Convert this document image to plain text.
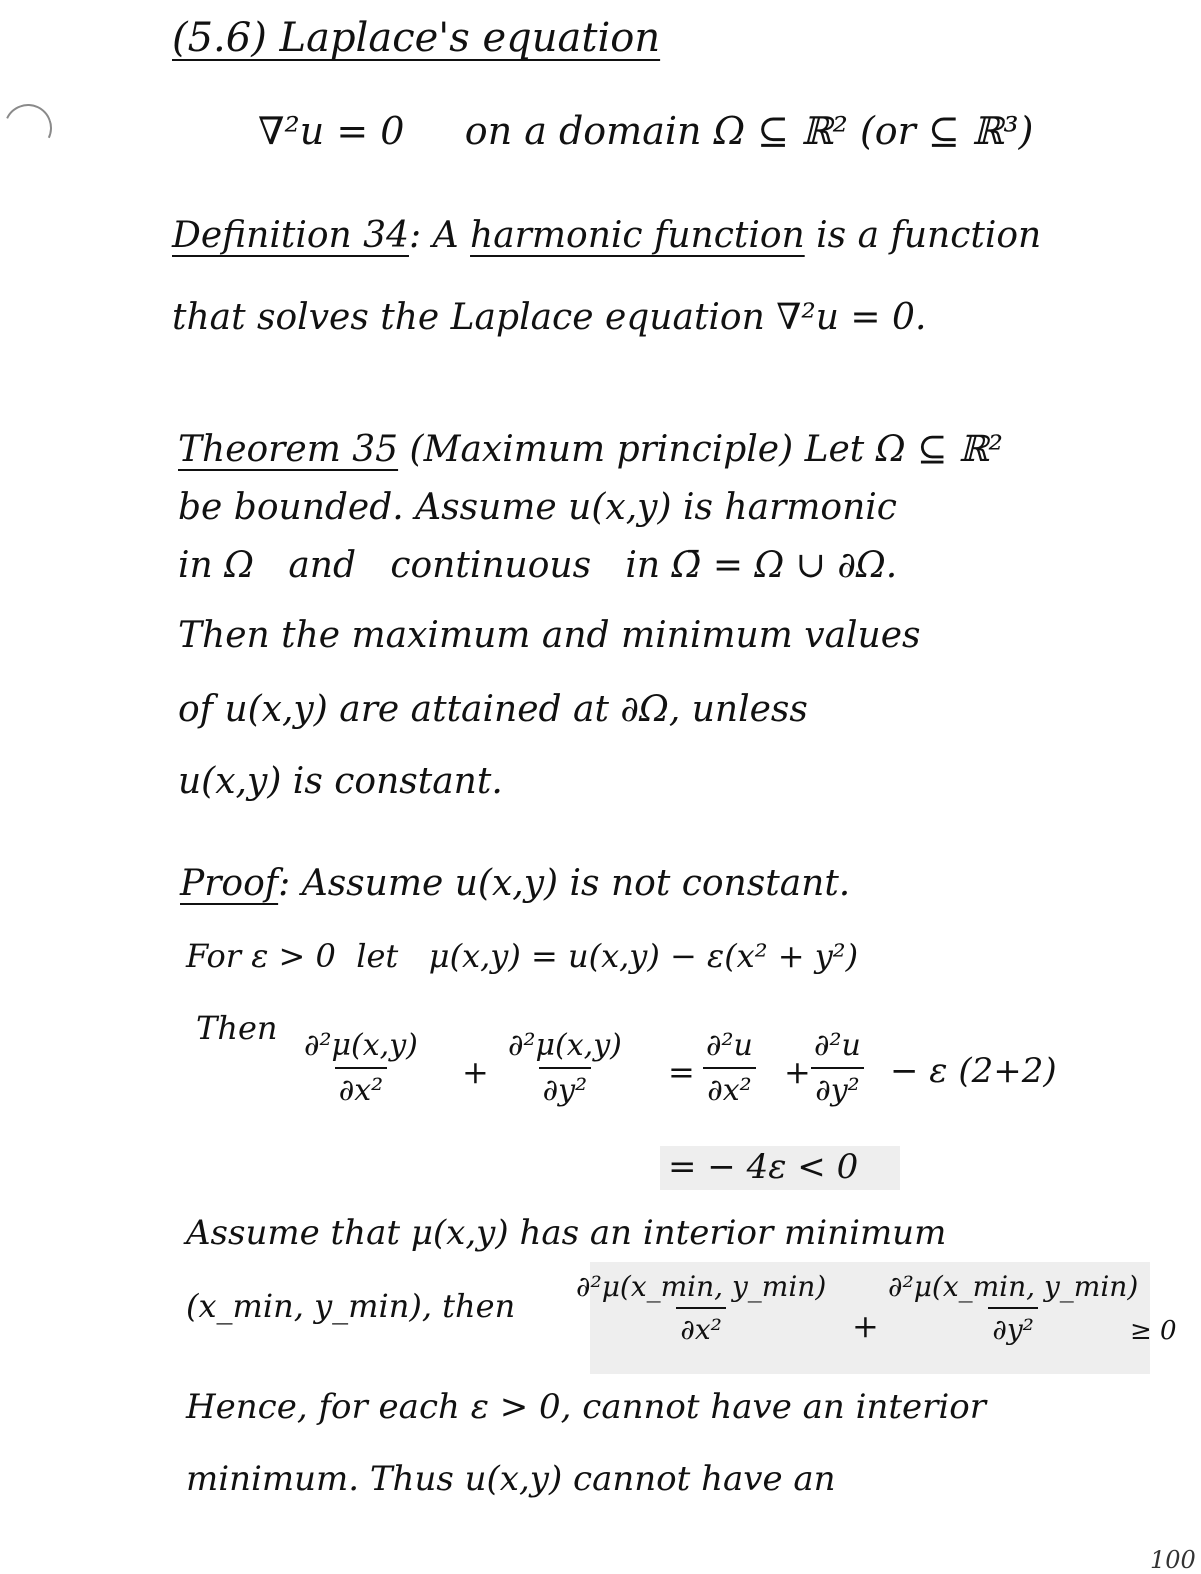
(5.6) Laplace's equation
∇²u = 0     on a domain Ω ⊆ ℝ² (or ⊆ ℝ³)
Definition 34: A harmonic function is a function
that solves the Laplace equation ∇²u = 0.
Theorem 35 (Maximum principle) Let Ω ⊆ ℝ²
be bounded. Assume u(x,y) is harmonic
in Ω   and   continuous   in Ω̄ = Ω ∪ ∂Ω.
Then the maximum and minimum values
of u(x,y) are attained at ∂Ω, unless
u(x,y) is constant.
Proof: Assume u(x,y) is not constant.
For ε > 0  let   μ(x,y) = u(x,y) − ε(x² + y²)
Then $\frac{\text{∂²μ(x,y)}}{\text{∂x²}} + \frac{\text{∂²μ(x,y)}}{\text{∂y²}} = \frac{\text{∂²u}}{\text{∂x²}} + \frac{\text{∂²u}}{\text{∂y²}} - \varepsilon$ (2+2)
= − 4ε < 0
Assume that μ(x,y) has an interior minimum
(x_min, y_min), then
∂²μ(x_min, y_min)
∂x²	+
∂²μ(x_min, y_min)
∂y²	≥ 0
Hence, for each ε > 0, cannot have an interior
minimum. Thus u(x,y) cannot have an
100
